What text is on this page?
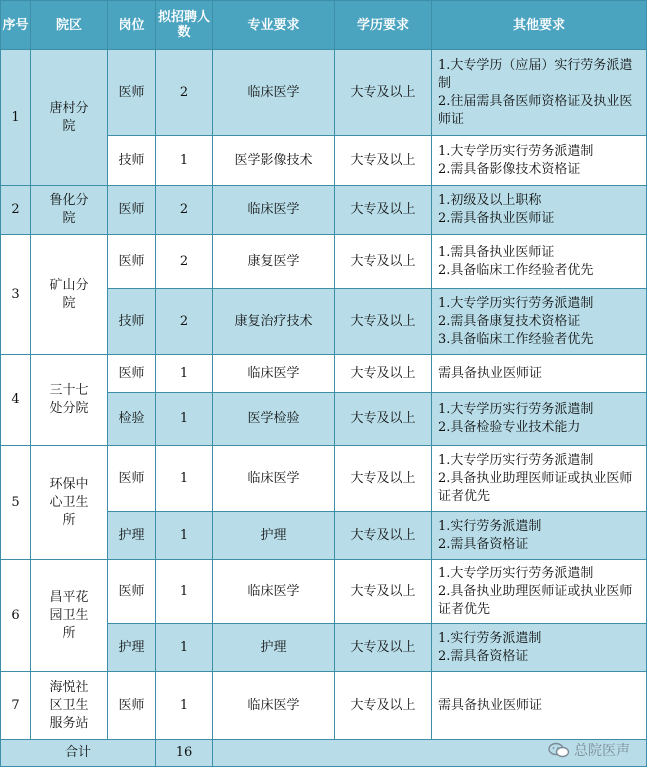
序号	院区	岗位	拟招聘人数	专业要求	学历要求	其他要求
1	唐村分院	医师	2	临床医学	大专及以上	1.大专学历（应届）实行劳务派遣制
2.往届需具备医师资格证及执业医师证

		技师	1	医学影像技术	大专及以上	1.大专学历实行劳务派遣制
2.需具备影像技术资格证

2	鲁化分院	医师	2	临床医学	大专及以上	1.初级及以上职称
2.需具备执业医师证

3	矿山分院	医师	2	康复医学	大专及以上	1.需具备执业医师证
2.具备临床工作经验者优先

		技师	2	康复治疗技术	大专及以上	1.大专学历实行劳务派遣制
2.需具备康复技术资格证
3.具备临床工作经验者优先

4	三十七处分院	医师	1	临床医学	大专及以上	需具备执业医师证

		检验	1	医学检验	大专及以上	1.大专学历实行劳务派遣制
2.具备检验专业技术能力

5	环保中心卫生所	医师	1	临床医学	大专及以上	1.大专学历实行劳务派遣制
2.具备执业助理医师证或执业医师证者优先

		护理	1	护理	大专及以上	1.实行劳务派遣制
2.需具备资格证

6	昌平花园卫生所	医师	1	临床医学	大专及以上	1.大专学历实行劳务派遣制
2.具备执业助理医师证或执业医师证者优先

		护理	1	护理	大专及以上	1.实行劳务派遣制
2.需具备资格证

7	海悦社区卫生服务站	医师	1	临床医学	大专及以上	需具备执业医师证

合计			16				总院医声
